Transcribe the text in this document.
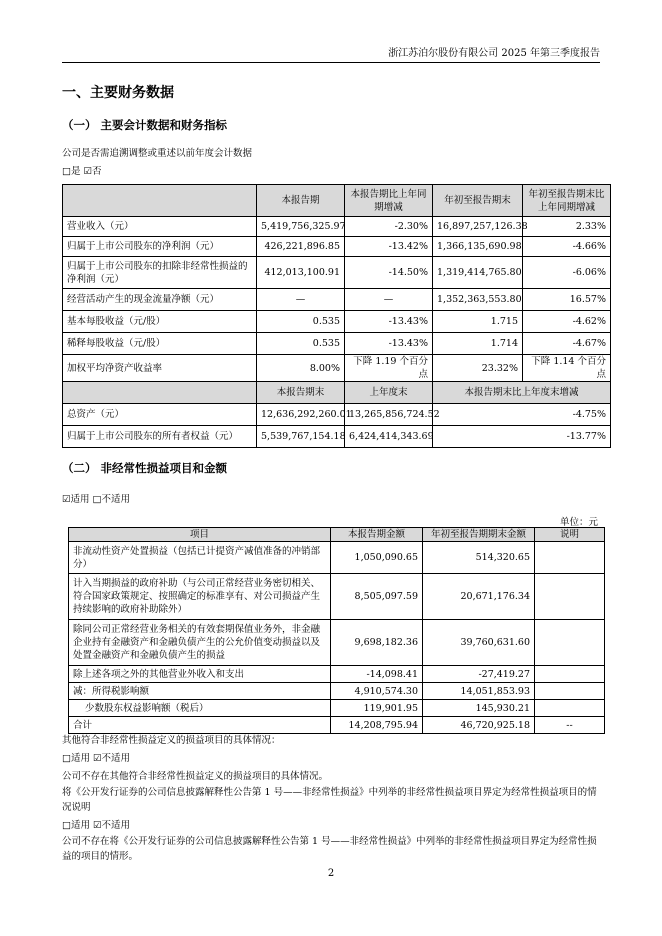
浙江苏泊尔股份有限公司 2025 年第三季度报告
一、主要财务数据
（一） 主要会计数据和财务指标
公司是否需追溯调整或重述以前年度会计数据
□是 ☑否
	本报告期	本报告期比上年同期增减	年初至报告期末	年初至报告期末比上年同期增减
营业收入（元）	5,419,756,325.97	-2.30%	16,897,257,126.38	2.33%
归属于上市公司股东的净利润（元）	426,221,896.85	-13.42%	1,366,135,690.98	-4.66%
归属于上市公司股东的扣除非经常性损益的净利润（元）	412,013,100.91	-14.50%	1,319,414,765.80	-6.06%
经营活动产生的现金流量净额（元）	—	—	1,352,363,553.80	16.57%
基本每股收益（元/股）	0.535	-13.43%	1.715	-4.62%
稀释每股收益（元/股）	0.535	-13.43%	1.714	-4.67%
加权平均净资产收益率	8.00%	下降 1.19 个百分点	23.32%	下降 1.14 个百分点
	本报告期末	上年度末	本报告期末比上年度末增减	
总资产（元）	12,636,292,260.01	13,265,856,724.52	-4.75%	
归属于上市公司股东的所有者权益（元）	5,539,767,154.18	6,424,414,343.69	-13.77%	
（二） 非经常性损益项目和金额
☑适用 □不适用
单位：元
项目	本报告期金额	年初至报告期期末金额	说明
非流动性资产处置损益（包括已计提资产减值准备的冲销部分）	1,050,090.65	514,320.65	
计入当期损益的政府补助（与公司正常经营业务密切相关、符合国家政策规定、按照确定的标准享有、对公司损益产生持续影响的政府补助除外）	8,505,097.59	20,671,176.34	
除同公司正常经营业务相关的有效套期保值业务外，非金融企业持有金融资产和金融负债产生的公允价值变动损益以及处置金融资产和金融负债产生的损益	9,698,182.36	39,760,631.60	
除上述各项之外的其他营业外收入和支出	-14,098.41	-27,419.27	
减：所得税影响额	4,910,574.30	14,051,853.93	
少数股东权益影响额（税后）	119,901.95	145,930.21	
合计	14,208,795.94	46,720,925.18	--
其他符合非经常性损益定义的损益项目的具体情况：
□适用 ☑不适用
公司不存在其他符合非经常性损益定义的损益项目的具体情况。
将《公开发行证券的公司信息披露解释性公告第 1 号——非经常性损益》中列举的非经常性损益项目界定为经常性损益项目的情况说明
□适用 ☑不适用
公司不存在将《公开发行证券的公司信息披露解释性公告第 1 号——非经常性损益》中列举的非经常性损益项目界定为经常性损益的项目的情形。
2
